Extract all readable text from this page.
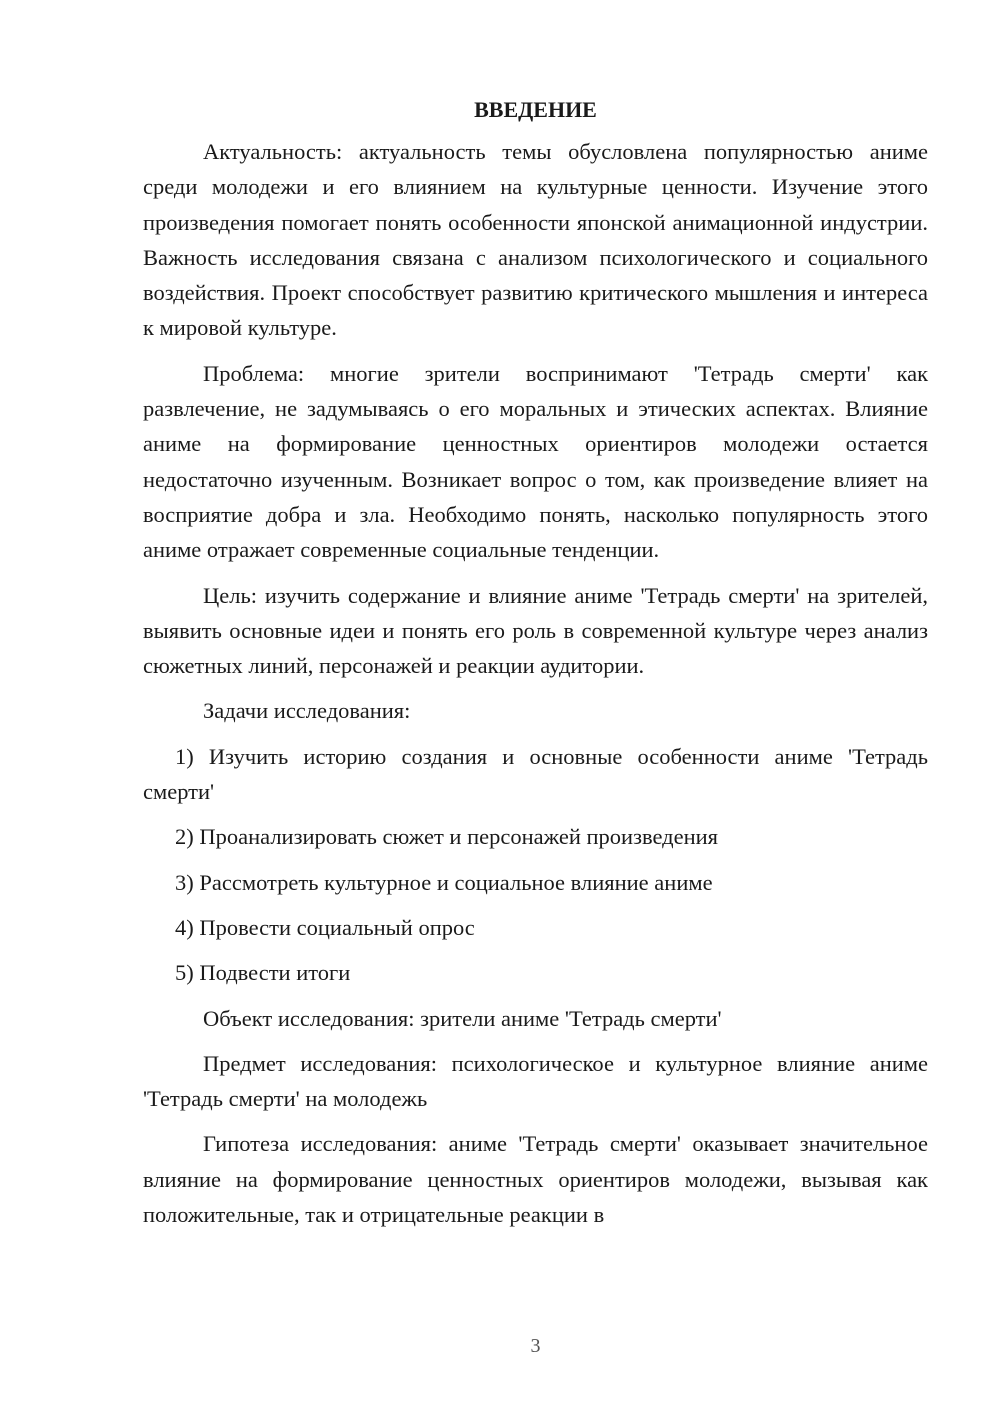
ВВЕДЕНИЕ

Актуальность: актуальность темы обусловлена популярностью аниме среди молодежи и его влиянием на культурные ценности. Изучение этого произведения помогает понять особенности японской анимационной индустрии. Важность исследования связана с анализом психологического и социального воздействия. Проект способствует развитию критического мышления и интереса к мировой культуре.

Проблема: многие зрители воспринимают 'Тетрадь смерти' как развлечение, не задумываясь о его моральных и этических аспектах. Влияние аниме на формирование ценностных ориентиров молодежи остается недостаточно изученным. Возникает вопрос о том, как произведение влияет на восприятие добра и зла. Необходимо понять, насколько популярность этого аниме отражает современные социальные тенденции.

Цель: изучить содержание и влияние аниме 'Тетрадь смерти' на зрителей, выявить основные идеи и понять его роль в современной культуре через анализ сюжетных линий, персонажей и реакции аудитории.

Задачи исследования:

1) Изучить историю создания и основные особенности аниме 'Тетрадь смерти'

2) Проанализировать сюжет и персонажей произведения

3) Рассмотреть культурное и социальное влияние аниме

4) Провести социальный опрос

5) Подвести итоги

Объект исследования: зрители аниме 'Тетрадь смерти'

Предмет исследования: психологическое и культурное влияние аниме 'Тетрадь смерти' на молодежь

Гипотеза исследования: аниме 'Тетрадь смерти' оказывает значительное влияние на формирование ценностных ориентиров молодежи, вызывая как положительные, так и отрицательные реакции в

3
